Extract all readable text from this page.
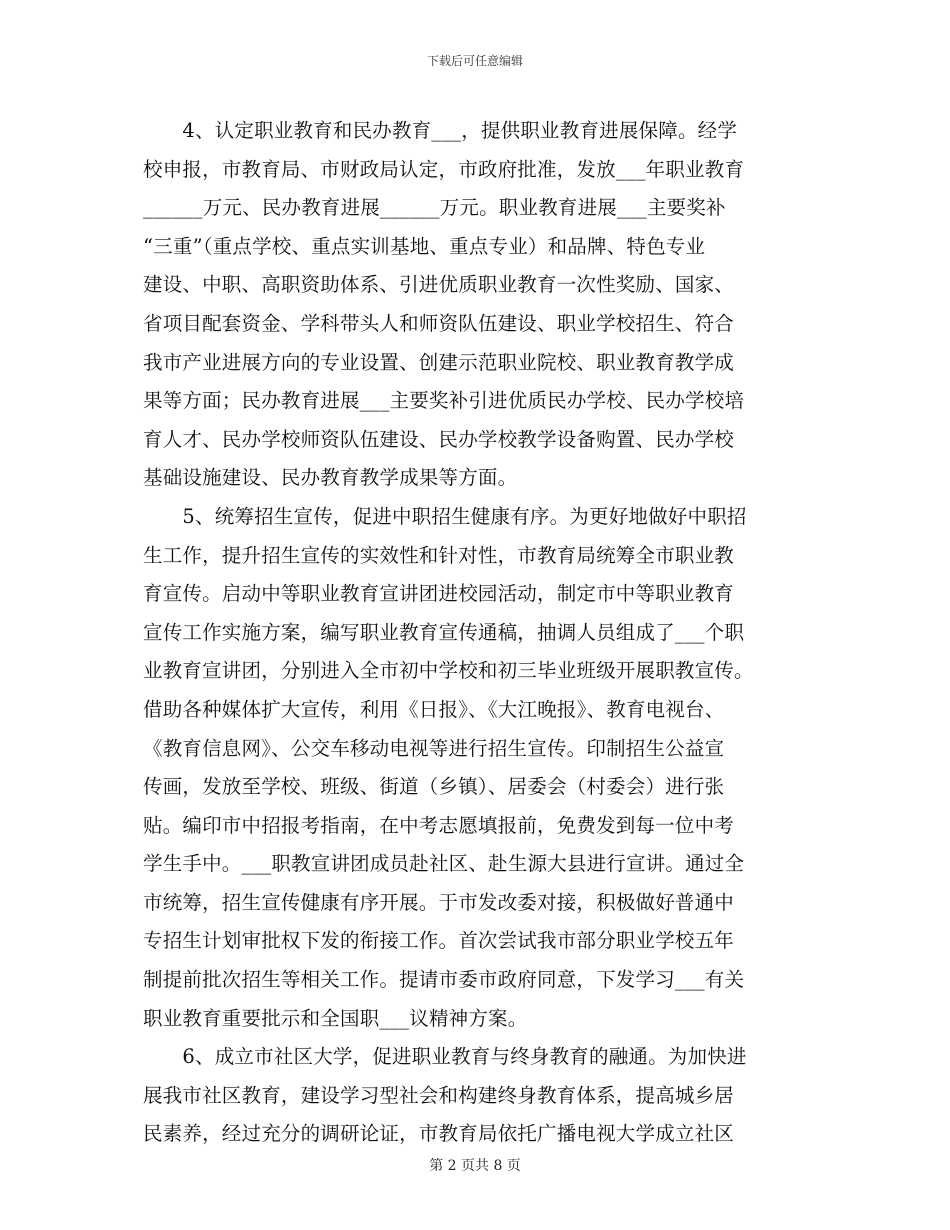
下载后可任意编辑

　　4、认定职业教育和民办教育___，提供职业教育进展保障。经学
校申报，市教育局、市财政局认定，市政府批准，发放___年职业教育
______万元、民办教育进展______万元。职业教育进展___主要奖补
“三重”（重点学校、重点实训基地、重点专业）和品牌、特色专业
建设、中职、高职资助体系、引进优质职业教育一次性奖励、国家、
省项目配套资金、学科带头人和师资队伍建设、职业学校招生、符合
我市产业进展方向的专业设置、创建示范职业院校、职业教育教学成
果等方面；民办教育进展___主要奖补引进优质民办学校、民办学校培
育人才、民办学校师资队伍建设、民办学校教学设备购置、民办学校
基础设施建设、民办教育教学成果等方面。

　　5、统筹招生宣传，促进中职招生健康有序。为更好地做好中职招
生工作，提升招生宣传的实效性和针对性，市教育局统筹全市职业教
育宣传。启动中等职业教育宣讲团进校园活动，制定市中等职业教育
宣传工作实施方案，编写职业教育宣传通稿，抽调人员组成了___个职
业教育宣讲团，分别进入全市初中学校和初三毕业班级开展职教宣传。
借助各种媒体扩大宣传，利用《日报》、《大江晚报》、教育电视台、
《教育信息网》、公交车移动电视等进行招生宣传。印制招生公益宣
传画，发放至学校、班级、街道（乡镇）、居委会（村委会）进行张
贴。编印市中招报考指南，在中考志愿填报前，免费发到每一位中考
学生手中。___职教宣讲团成员赴社区、赴生源大县进行宣讲。通过全
市统筹，招生宣传健康有序开展。于市发改委对接，积极做好普通中
专招生计划审批权下发的衔接工作。首次尝试我市部分职业学校五年
制提前批次招生等相关工作。提请市委市政府同意，下发学习___有关
职业教育重要批示和全国职___议精神方案。

　　6、成立市社区大学，促进职业教育与终身教育的融通。为加快进
展我市社区教育，建设学习型社会和构建终身教育体系，提高城乡居
民素养，经过充分的调研论证，市教育局依托广播电视大学成立社区

第 2 页共 8 页
